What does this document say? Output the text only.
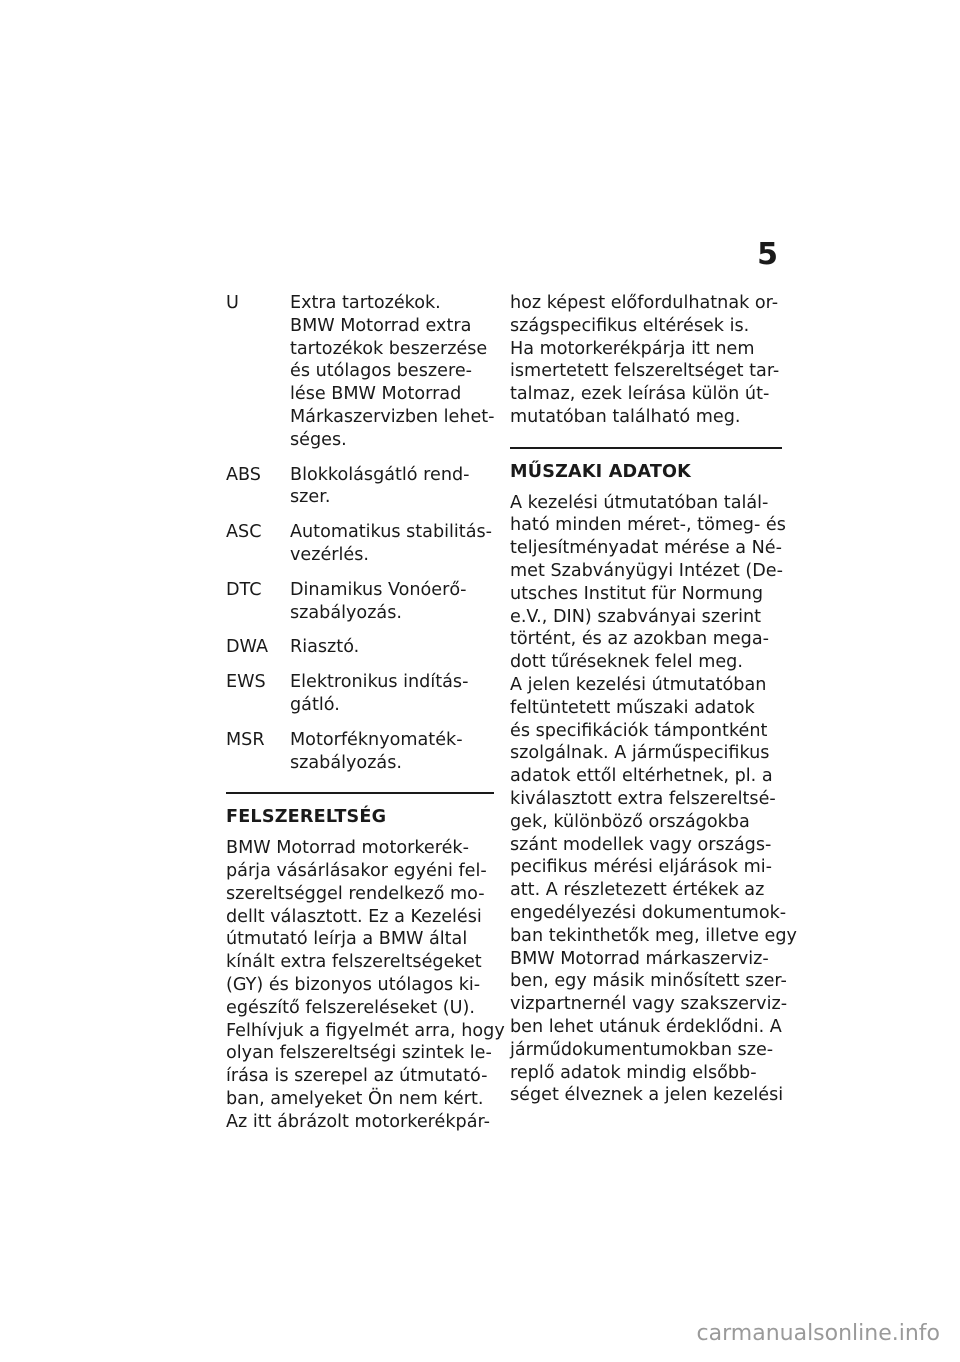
5
U	Extra tartozékok.
BMW Motorrad extra
tartozékok beszerzése
és utólagos beszere-
lése BMW Motorrad
Márkaszervizben lehet-
séges.
ABS	Blokkolásgátló rend-
szer.
ASC	Automatikus stabilitás-
vezérlés.
DTC	Dinamikus Vonóerő-
szabályozás.
DWA	Riasztó.
EWS	Elektronikus indítás-
gátló.
MSR	Motorféknyomaték-
szabályozás.
FELSZERELTSÉG
BMW Motorrad motorkerék-
párja vásárlásakor egyéni fel-
szereltséggel rendelkező mo-
dellt választott. Ez a Kezelési
útmutató leírja a BMW által
kínált extra felszereltségeket
(GY) és bizonyos utólagos ki-
egészítő felszereléseket (U).
Felhívjuk a figyelmét arra, hogy
olyan felszereltségi szintek le-
írása is szerepel az útmutató-
ban, amelyeket Ön nem kért.
Az itt ábrázolt motorkerékpár-
hoz képest előfordulhatnak or-
szágspecifikus eltérések is.
Ha motorkerékpárja itt nem
ismertetett felszereltséget tar-
talmaz, ezek leírása külön út-
mutatóban található meg.
MŰSZAKI ADATOK
A kezelési útmutatóban talál-
ható minden méret-, tömeg- és
teljesítményadat mérése a Né-
met Szabványügyi Intézet (De-
utsches Institut für Normung
e.V., DIN) szabványai szerint
történt, és az azokban mega-
dott tűréseknek felel meg.
A jelen kezelési útmutatóban
feltüntetett műszaki adatok
és specifikációk támpontként
szolgálnak. A járműspecifikus
adatok ettől eltérhetnek, pl. a
kiválasztott extra felszereltsé-
gek, különböző országokba
szánt modellek vagy országs-
pecifikus mérési eljárások mi-
att. A részletezett értékek az
engedélyezési dokumentumok-
ban tekinthetők meg, illetve egy
BMW Motorrad márkaszerviz-
ben, egy másik minősített szer-
vizpartnernél vagy szakszerviz-
ben lehet utánuk érdeklődni. A
járműdokumentumokban sze-
replő adatok mindig elsőbb-
séget élveznek a jelen kezelési
carmanualsonline.info
